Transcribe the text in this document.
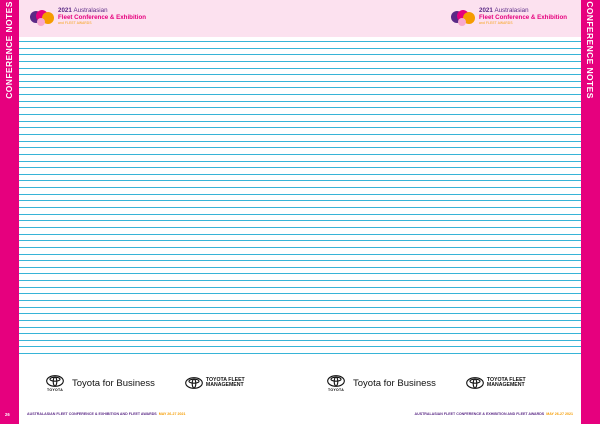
CONFERENCE NOTES	2021 Australasian
Fleet Conference & Exhibition
and FLEET AWARDS
TOYOTA
Toyota for Business	TOYOTA FLEET
MANAGEMENT
26	AUSTRALASIAN FLEET CONFERENCE & EXHIBITION AND FLEET AWARDS MAY 26-27 2021
CONFERENCE NOTES
2021 Australasian
Fleet Conference & Exhibition
and FLEET AWARDS
TOYOTA
Toyota for Business	TOYOTA FLEET
MANAGEMENT
27	AUSTRALASIAN FLEET CONFERENCE & EXHIBITION AND FLEET AWARDS MAY 26-27 2021
